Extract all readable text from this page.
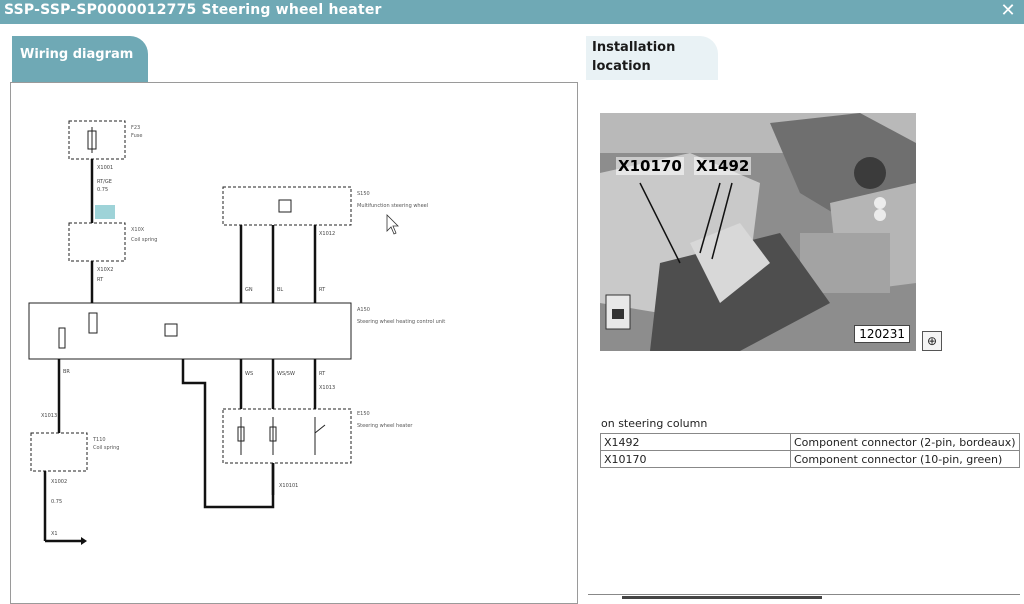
SSP-SSP-SP0000012775 Steering wheel heater	✕
Wiring diagram	Installation location
F23
Fuse
S150
Multifunction steering wheel
X10X
Coil spring
A150
Steering wheel heating control unit
E150
Steering wheel heater
T110
Coil spring
X1001
RT/GE
0.75
X10X2
RT
GN	BL	RT
X1012
WS	WS/SW	RT
X1013
X1013
BR
X1002
0.75
X10101
X1
X10170 X1492
120231	⊕
on steering column
X1492	Component connector (2-pin, bordeaux)
X10170	Component connector (10-pin, green)
